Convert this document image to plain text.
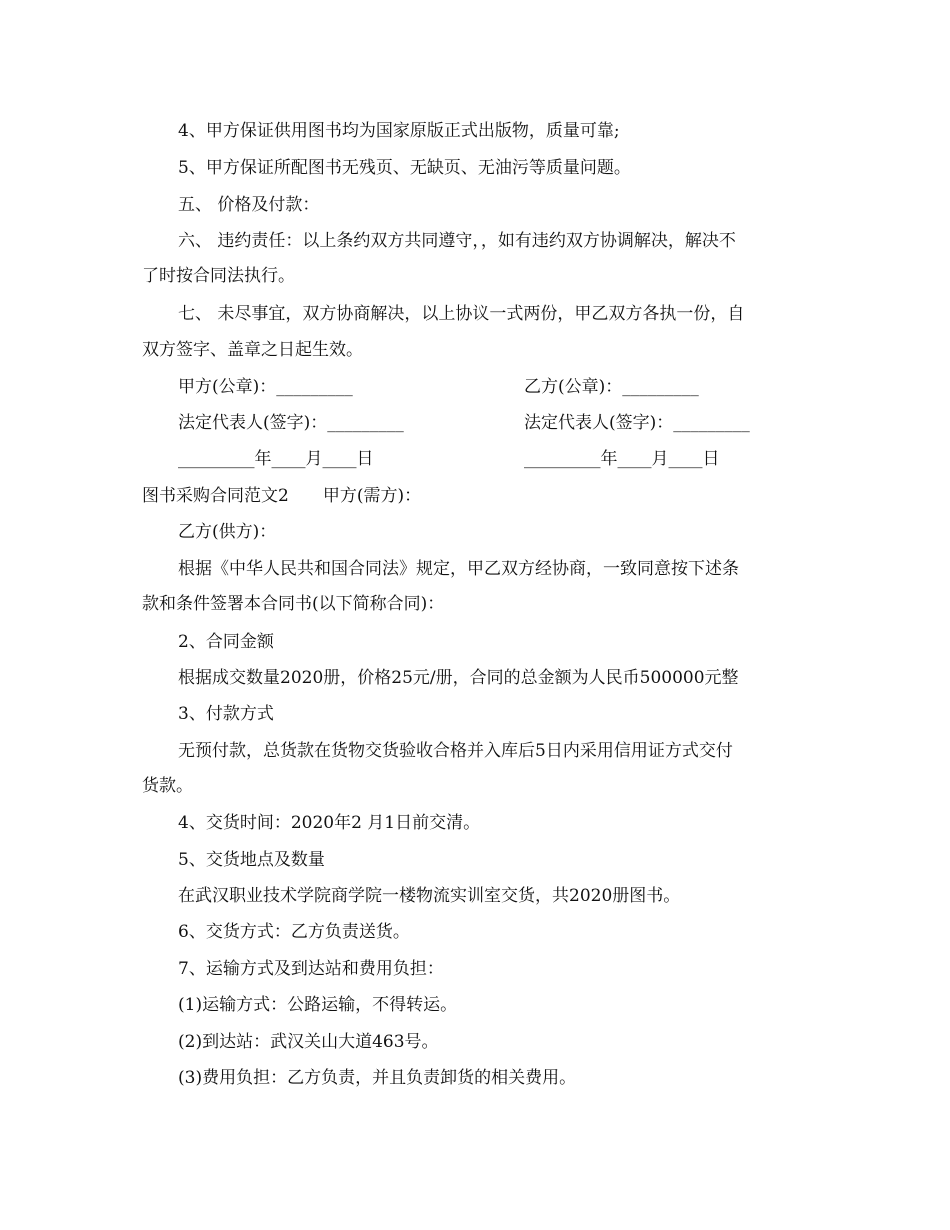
4、甲方保证供用图书均为国家原版正式出版物，质量可靠;
5、甲方保证所配图书无残页、无缺页、无油污等质量问题。
五、 价格及付款：
六、 违约责任：以上条约双方共同遵守，，如有违约双方协调解决，解决不
了时按合同法执行。
七、 未尽事宜，双方协商解决，以上协议一式两份，甲乙双方各执一份，自
双方签字、盖章之日起生效。
甲方(公章)：_________	乙方(公章)：_________
法定代表人(签字)：_________	法定代表人(签字)：_________
_________年____月____日	_________年____月____日
图书采购合同范文2　　甲方(需方)：
乙方(供方)：
根据《中华人民共和国合同法》规定，甲乙双方经协商，一致同意按下述条
款和条件签署本合同书(以下简称合同)：
2、合同金额
根据成交数量2020册，价格25元/册，合同的总金额为人民币500000元整
3、付款方式
无预付款，总货款在货物交货验收合格并入库后5日内采用信用证方式交付
货款。
4、交货时间：2020年2 月1日前交清。
5、交货地点及数量
在武汉职业技术学院商学院一楼物流实训室交货，共2020册图书。
6、交货方式：乙方负责送货。
7、运输方式及到达站和费用负担：
(1)运输方式：公路运输，不得转运。
(2)到达站：武汉关山大道463号。
(3)费用负担：乙方负责，并且负责卸货的相关费用。
